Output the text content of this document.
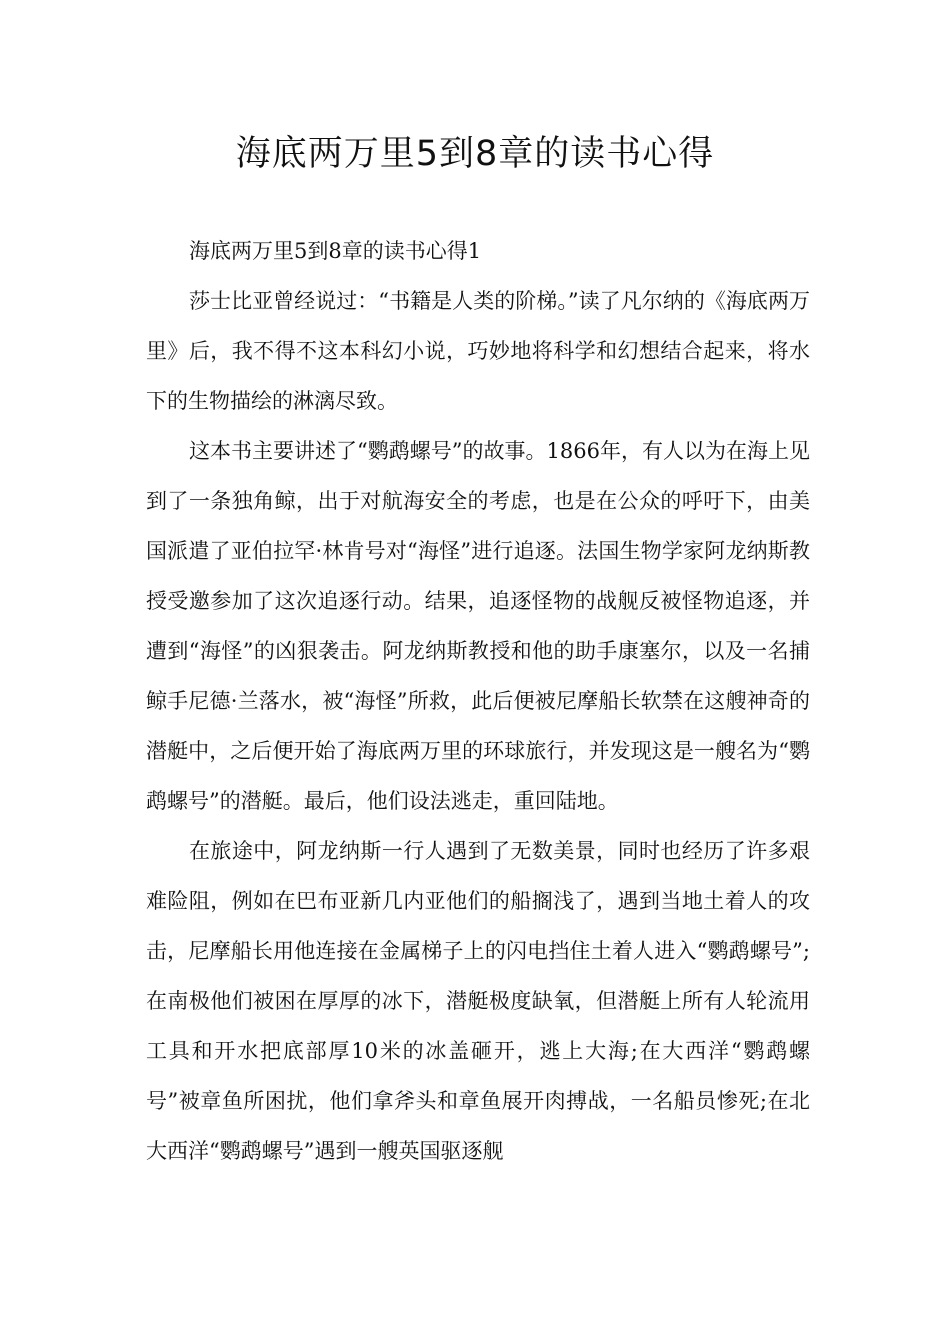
海底两万里5到8章的读书心得

海底两万里5到8章的读书心得1

莎士比亚曾经说过：“书籍是人类的阶梯。”读了凡尔纳的《海底两万里》后，我不得不这本科幻小说，巧妙地将科学和幻想结合起来，将水下的生物描绘的淋漓尽致。

这本书主要讲述了“鹦鹉螺号”的故事。1866年，有人以为在海上见到了一条独角鲸，出于对航海安全的考虑，也是在公众的呼吁下，由美国派遣了亚伯拉罕·林肯号对“海怪”进行追逐。法国生物学家阿龙纳斯教授受邀参加了这次追逐行动。结果，追逐怪物的战舰反被怪物追逐，并遭到“海怪”的凶狠袭击。阿龙纳斯教授和他的助手康塞尔，以及一名捕鲸手尼德·兰落水，被“海怪”所救，此后便被尼摩船长软禁在这艘神奇的潜艇中，之后便开始了海底两万里的环球旅行，并发现这是一艘名为“鹦鹉螺号”的潜艇。最后，他们设法逃走，重回陆地。

在旅途中，阿龙纳斯一行人遇到了无数美景，同时也经历了许多艰难险阻，例如在巴布亚新几内亚他们的船搁浅了，遇到当地土着人的攻击，尼摩船长用他连接在金属梯子上的闪电挡住土着人进入“鹦鹉螺号”;在南极他们被困在厚厚的冰下，潜艇极度缺氧，但潜艇上所有人轮流用工具和开水把底部厚10米的冰盖砸开，逃上大海;在大西洋“鹦鹉螺号”被章鱼所困扰，他们拿斧头和章鱼展开肉搏战，一名船员惨死;在北大西洋“鹦鹉螺号”遇到一艘英国驱逐舰
